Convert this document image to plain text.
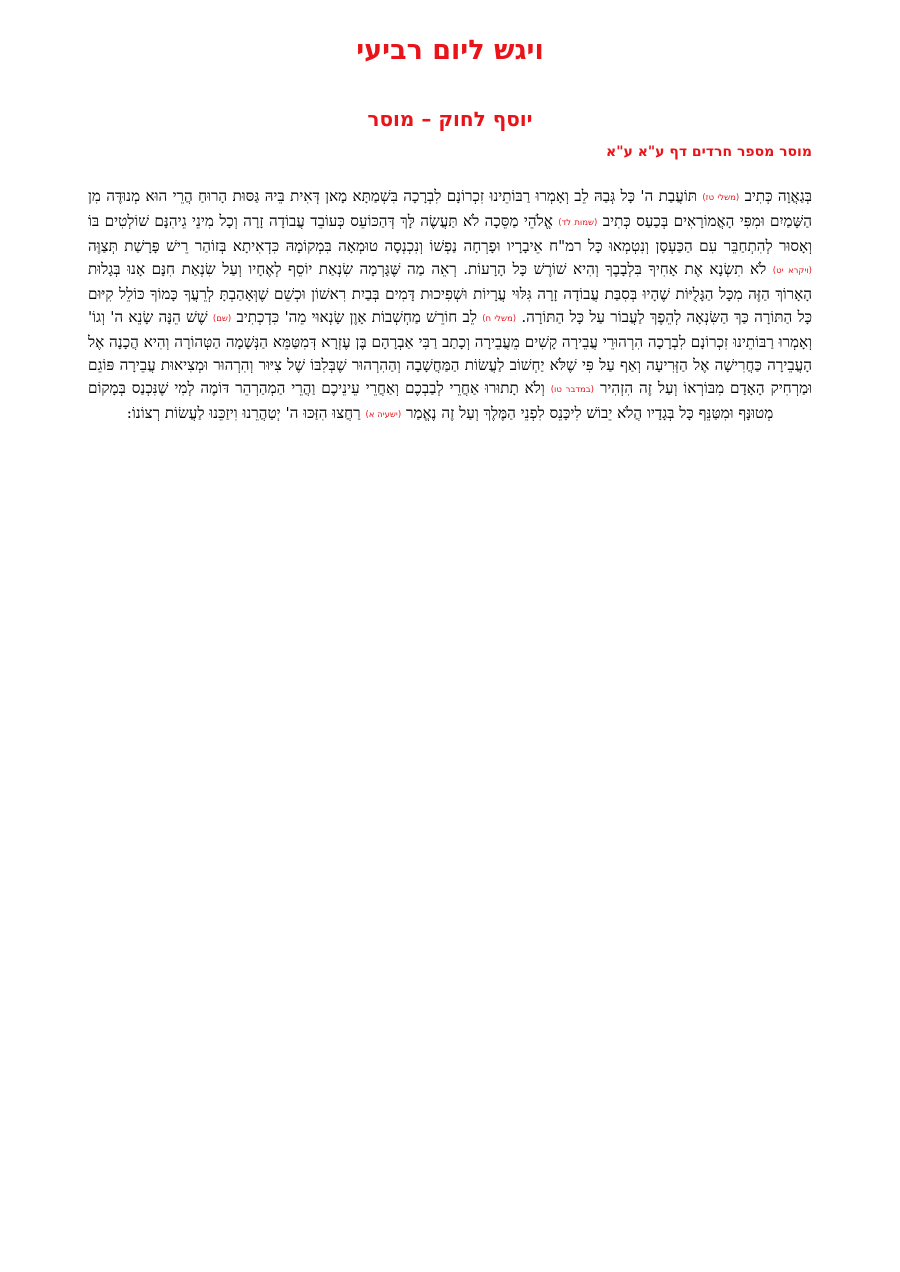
ויגש ליום רביעי
יוסף לחוק – מוסר
מוסר מספר חרדים דף ע"א ע"א

בְּגַאֲוָה כְּתִיב (משלי טז) תּוֹעֲבַת ה' כָּל גְּבַהּ לֵב וְאָמְרוּ רַבּוֹתֵינוּ זִכְרוֹנָם לִבְרָכָה בִּשְׁמַתָּא מָאן דְּאִית בֵּיהּ גַּסּוּת הָרוּחַ הֲרֵי הוּא מְנוּדֶּה מִן הַשָּׁמַיִם וּמִפִּי הָאֲמוֹרָאִים בְּכַעַס כְּתִיב (שמות לד) אֱלֹהֵי מַסֵּכָה לֹא תַּעֲשֶׂה לָּךְ דְּהַכּוֹעֵס כְּעוֹבֵד עֲבוֹדָה זָרָה וְכָל מִינֵי גֵיהִנָּם שׁוֹלְטִים בּוֹ וְאָסוּר לְהִתְחַבֵּר עִם הַכַּעְסָן וְנִטְמְאוּ כָּל רמ"ח אֵיבָרָיו וּפָרְחָה נַפְשׁוֹ וְנִכְנְסָה טוּמְאָה בִּמְקוֹמָהּ כִּדְאִיתָא בְּזוֹהַר רֵישׁ פָּרָשַׁת תְּצַוֶּה (ויקרא יט) לֹא תִשְׂנָא אֶת אָחִיךָ בִּלְבָבֶךָ וְהִיא שׁוֹרֶשׁ כָּל הָרָעוֹת. רְאֵה מַה שֶּׁגָּרְמָה שִׂנְאַת יוֹסֵף לְאֶחָיו וְעַל שִׂנְאַת חִנָּם אָנוּ בְּגָלוּת הָאָרוֹךְ הַזֶּה מִכָּל הַגָּלֻיּוֹת שֶׁהָיוּ בְּסִבַּת עֲבוֹדָה זָרָה גִּלּוּי עֲרָיוֹת וּשְׁפִיכוּת דָּמִים בְּבַיִת רִאשׁוֹן וּכְשֵׁם שֶׁוְּאָהַבְתָּ לְרֵעֲךָ כָּמוֹךָ כּוֹלֵל קִיּוּם כָּל הַתּוֹרָה כַּךְ הַשִּׂנְאָה לְהֵפֶךְ לַעֲבוֹר עַל כָּל הַתּוֹרָה. (משלי ח) לֵב חוֹרֵשׁ מַחְשְׁבוֹת אָוֶן שָׂנְאוּי מֵה' כִּדְכְתִיב (שם) שֶׁשׁ הֵנָּה שָׂנֵא ה' וְגוֹ' וְאָמְרוּ רַבּוֹתֵינוּ זִכְרוֹנָם לִבְרָכָה הִרְהוּרֵי עֲבֵירָה קָשִׁים מֵעֲבֵירָה וְכָתַב רַבִּי אַבְרָהָם בֶּן עֶזְרָא דְּמִטַּמֵּא הַנְּשָׁמָה הַטְּהוֹרָה וְהִיא הֲכָנָה אֶל הָעֲבֵירָה כַּחֲרִישָׁה אֶל הַזְּרִיעָה וְאַף עַל פִּי שֶׁלֹּא יַחְשׁוֹב לַעֲשׂוֹת הַמַּחֲשָׁבָה וְהַהִרְהוּר שֶׁבְּלִבּוֹ שֶׁל צִיּוּר וְהִרְהוּר וּמְצִיאוּת עֲבֵירָה פּוֹגֵם וּמַרְחִיק הָאָדָם מִבּוֹרְאוֹ וְעַל זֶה הִזְהִיר (במדבר טו) וְלֹא תָתוּרוּ אַחֲרֵי לְבַבְכֶם וְאַחֲרֵי עֵינֵיכֶם וַהֲרֵי הַמְהַרְהֵר דּוֹמֶה לְמִי שֶׁנִּכְנַס בְּמָקוֹם מְטוּנָּף וּמִטַּנֵּף כָּל בְּגָדָיו הֲלֹא יֵבוֹשׁ לִיכָּנֵס לִפְנֵי הַמֶּלֶךְ וְעַל זֶה נֶאֱמַר (ישעיה א) רַחֲצוּ הִזַּכּוּ ה' יְטַהֲרֵנוּ וִיזַכֵּנוּ לַעֲשׂוֹת רְצוֹנוֹ:
